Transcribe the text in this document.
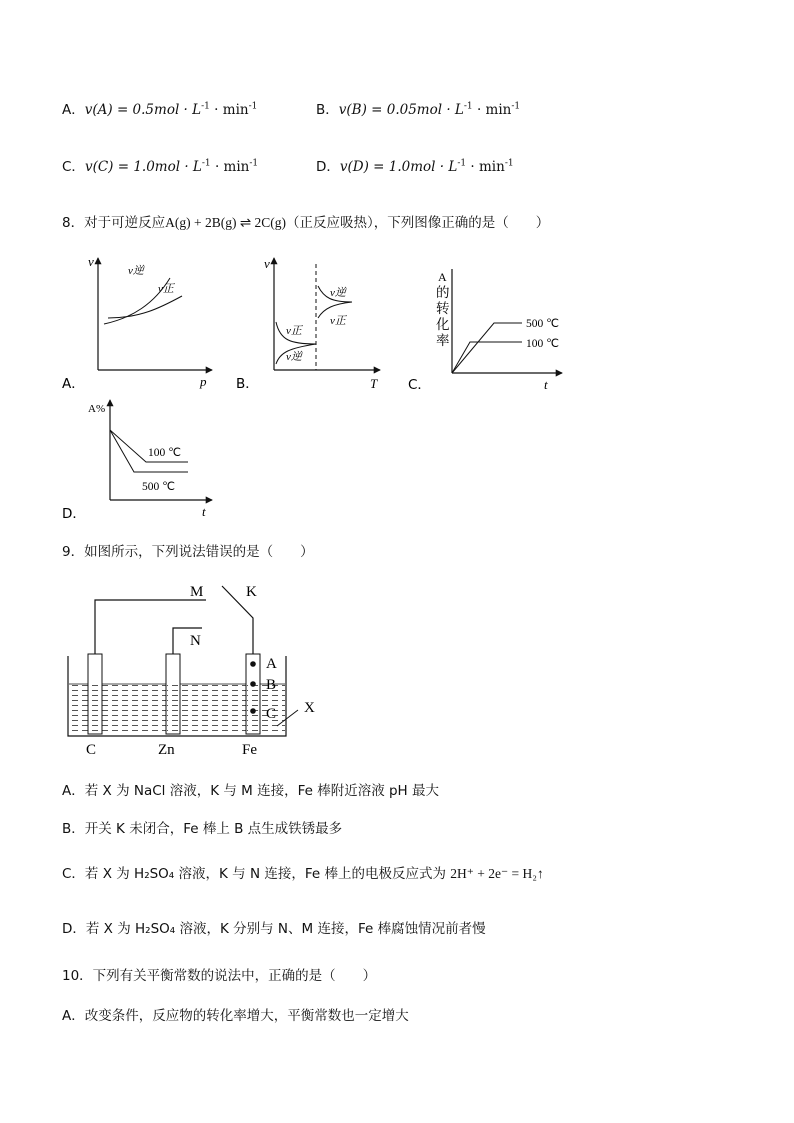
A．$v(A) = 0.5mol \cdot L^{-1} \cdot \min^{-1}$	B．$v(B) = 0.05mol \cdot L^{-1} \cdot \min^{-1}$
C．$v(C) = 1.0mol \cdot L^{-1} \cdot \min^{-1}$	D．$v(D) = 1.0mol \cdot L^{-1} \cdot \min^{-1}$
8．对于可逆反应A(g) + 2B(g) ⇌ 2C(g)（正反应吸热），下列图像正确的是（　　）
v
p
v逆
v正
A．
v
T
v正
v逆
v逆
v正
B．
A
的
转
化
率
t
500 ℃
100 ℃
C．
A%
t
100 ℃
500 ℃
D．
9．如图所示，下列说法错误的是（　　）
M	K
N
A
B
C X
C	Zn	Fe
A．若 X 为 NaCl 溶液，K 与 M 连接，Fe 棒附近溶液 pH 最大
B．开关 K 未闭合，Fe 棒上 B 点生成铁锈最多
C．若 X 为 H₂SO₄ 溶液，K 与 N 连接，Fe 棒上的电极反应式为 2H⁺ + 2e⁻ = H₂↑
D．若 X 为 H₂SO₄ 溶液，K 分别与 N、M 连接，Fe 棒腐蚀情况前者慢
10．下列有关平衡常数的说法中，正确的是（　　）
A．改变条件，反应物的转化率增大，平衡常数也一定增大
